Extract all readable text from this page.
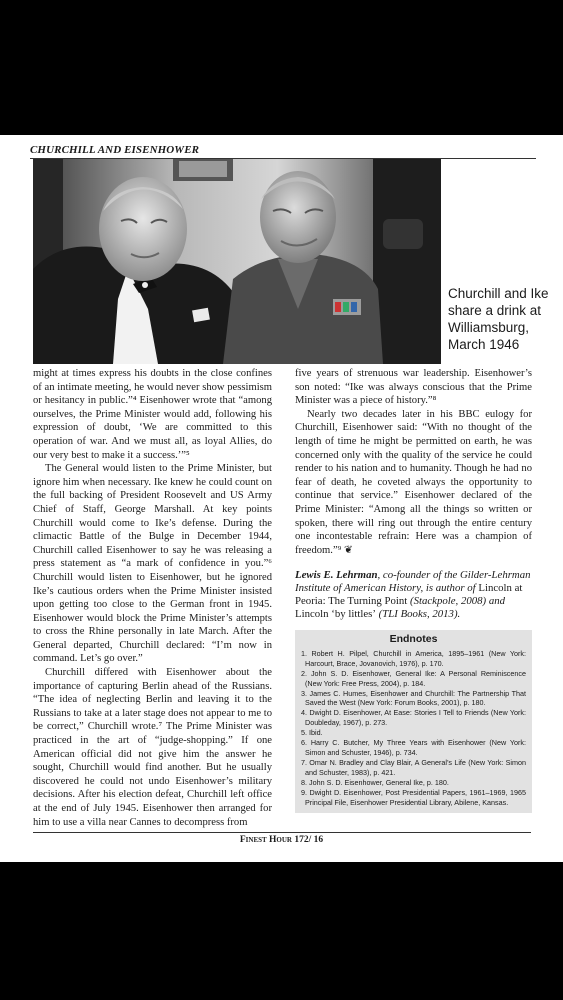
CHURCHILL AND EISENHOWER
Churchill and Ike share a drink at Williamsburg, March 1946

might at times express his doubts in the close confines of an intimate meeting, he would never show pessimism or hesitancy in public.”⁴ Eisenhower wrote that “among ourselves, the Prime Minister would add, following his expression of doubt, ‘We are committed to this operation of war. And we must all, as loyal Allies, do our very best to make it a success.’”⁵

The General would listen to the Prime Minister, but ignore him when necessary. Ike knew he could count on the full backing of President Roosevelt and US Army Chief of Staff, George Marshall. At key points Churchill would come to Ike’s defense. During the climactic Battle of the Bulge in December 1944, Churchill called Eisenhower to say he was releasing a press statement as “a mark of confidence in you.”⁶ Churchill would listen to Eisenhower, but he ignored Ike’s cautious orders when the Prime Minister insisted upon getting too close to the German front in 1945. Eisenhower would block the Prime Minister’s attempts to cross the Rhine personally in late March. After the General departed, Churchill declared: “I’m now in command. Let’s go over.”

Churchill differed with Eisenhower about the importance of capturing Berlin ahead of the Russians. “The idea of neglecting Berlin and leaving it to the Russians to take at a later stage does not appear to me to be correct,” Churchill wrote.⁷ The Prime Minister was practiced in the art of “judge-shopping.” If one American official did not give him the answer he sought, Churchill would find another. But he usually discovered he could not undo Eisenhower’s military decisions. After his election defeat, Churchill left office at the end of July 1945. Eisenhower then arranged for him to use a villa near Cannes to decompress from

five years of strenuous war leadership. Eisenhower’s son noted: “Ike was always conscious that the Prime Minister was a piece of history.”⁸

Nearly two decades later in his BBC eulogy for Churchill, Eisenhower said: “With no thought of the length of time he might be permitted on earth, he was concerned only with the quality of the service he could render to his nation and to humanity. Though he had no fear of death, he coveted always the opportunity to continue that service.” Eisenhower declared of the Prime Minister: “Among all the things so written or spoken, there will ring out through the entire century one incontestable refrain: Here was a champion of freedom.”⁹ ❦

Lewis E. Lehrman, co-founder of the Gilder-Lehrman Institute of American History, is author of Lincoln at Peoria: The Turning Point (Stackpole, 2008) and Lincoln ‘by littles’ (TLI Books, 2013).

Endnotes
1. Robert H. Pilpel, Churchill in America, 1895–1961 (New York: Harcourt, Brace, Jovanovich, 1976), p. 170.
2. John S. D. Eisenhower, General Ike: A Personal Reminiscence (New York: Free Press, 2004), p. 184.
3. James C. Humes, Eisenhower and Churchill: The Partnership That Saved the West (New York: Forum Books, 2001), p. 180.
4. Dwight D. Eisenhower, At Ease: Stories I Tell to Friends (New York: Doubleday, 1967), p. 273.
5. Ibid.
6. Harry C. Butcher, My Three Years with Eisenhower (New York: Simon and Schuster, 1946), p. 734.
7. Omar N. Bradley and Clay Blair, A General’s Life (New York: Simon and Schuster, 1983), p. 421.
8. John S. D. Eisenhower, General Ike, p. 180.
9. Dwight D. Eisenhower, Post Presidential Papers, 1961–1969, 1965 Principal File, Eisenhower Presidential Library, Abilene, Kansas.
Finest Hour 172/ 16
